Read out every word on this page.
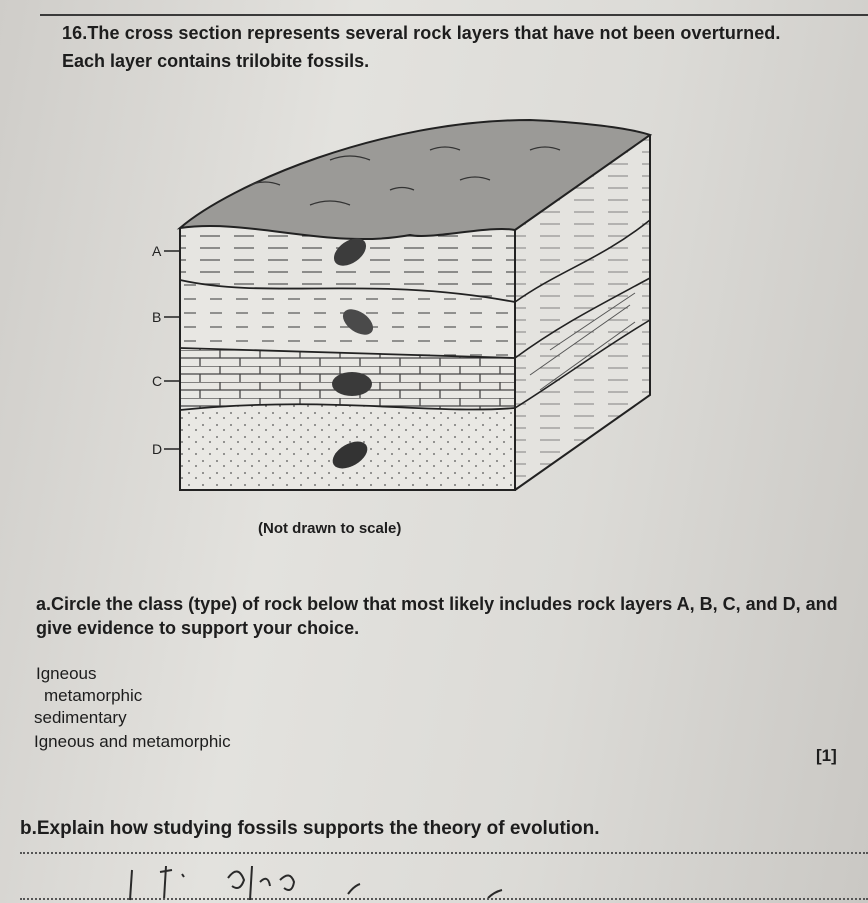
16.The cross section represents several rock layers that have not been overturned.
Each layer contains trilobite fossils.
A
B
C
D
(Not drawn to scale)
a.Circle the class (type) of rock below that most likely includes rock layers A, B, C, and D, and give evidence to support your choice.
Igneous
metamorphic
sedimentary
Igneous and metamorphic
[1]
b.Explain how studying fossils supports the theory of evolution.
